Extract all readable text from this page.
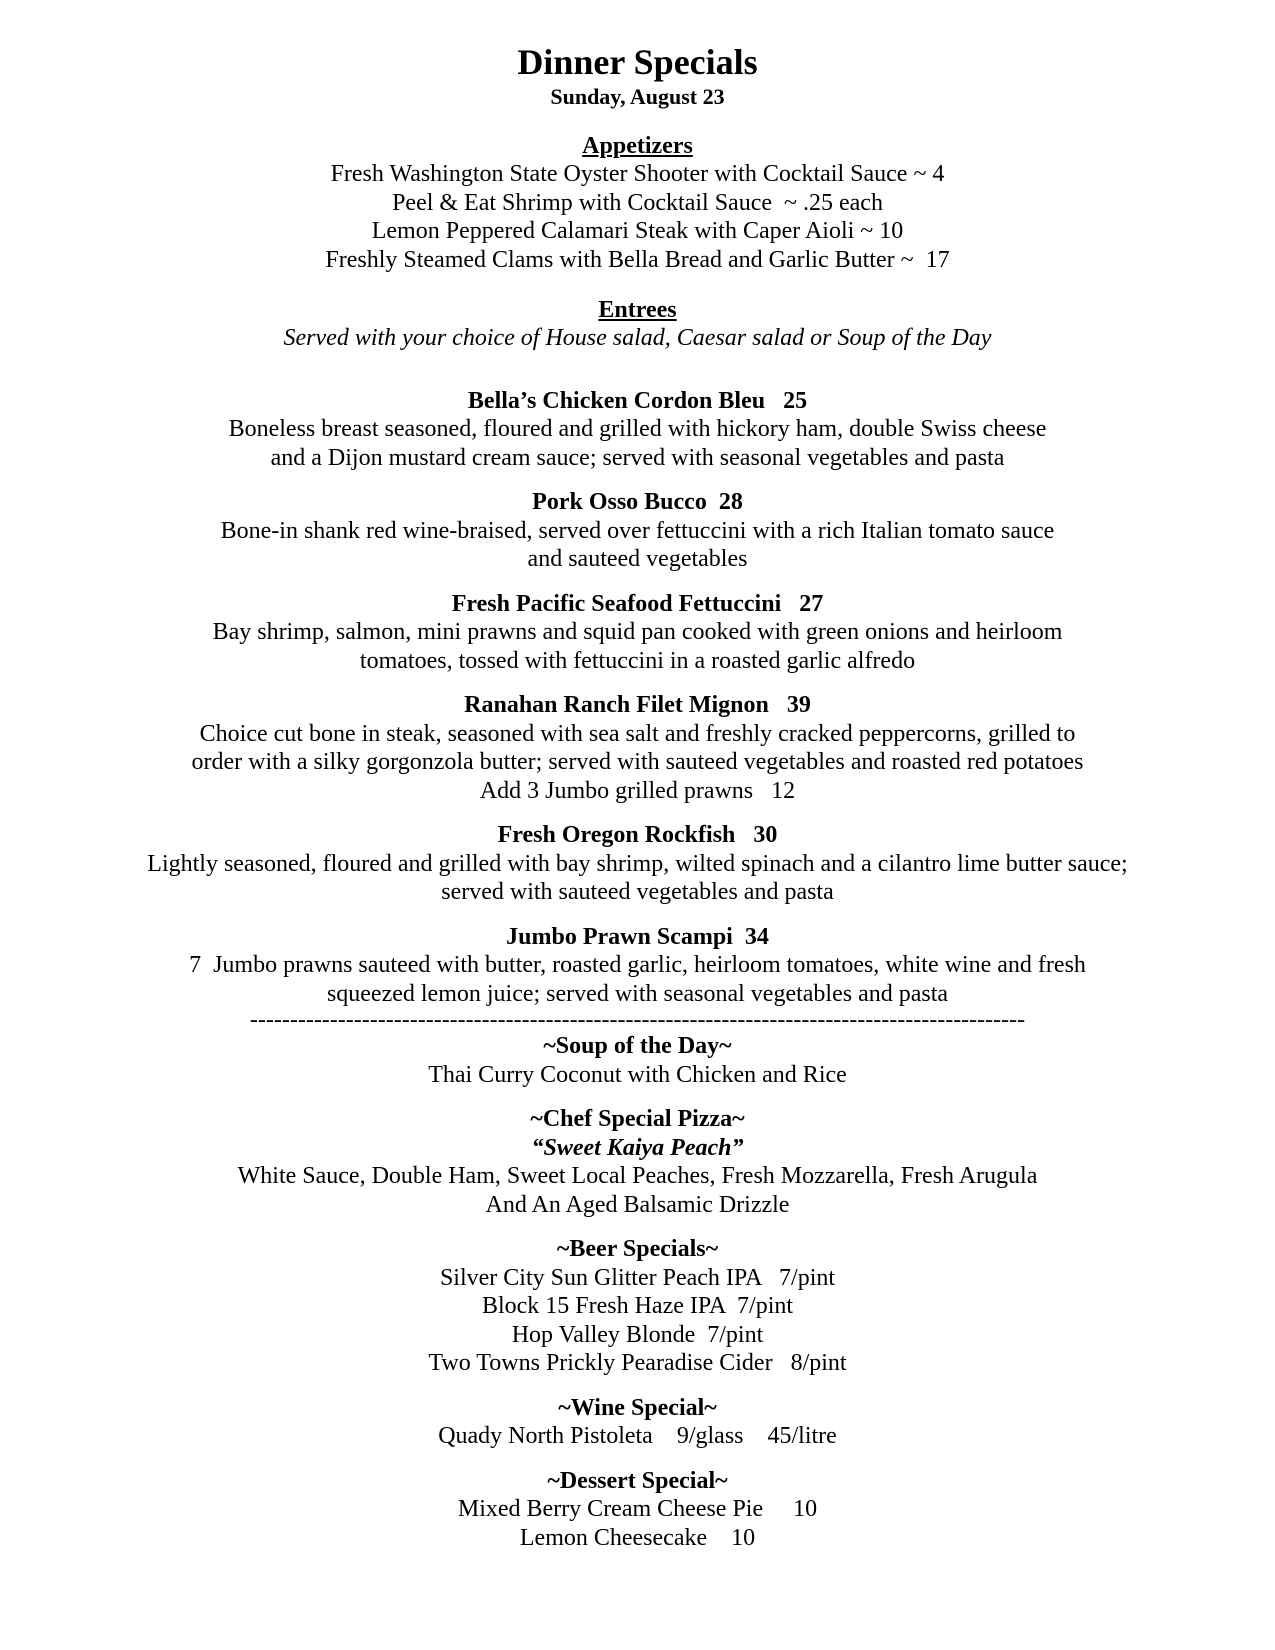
Dinner Specials

Sunday, August 23

Appetizers

Fresh Washington State Oyster Shooter with Cocktail Sauce ~ 4

Peel & Eat Shrimp with Cocktail Sauce  ~ .25 each

Lemon Peppered Calamari Steak with Caper Aioli ~ 10

Freshly Steamed Clams with Bella Bread and Garlic Butter ~  17

Entrees

Served with your choice of House salad, Caesar salad or Soup of the Day

Bella’s Chicken Cordon Bleu   25

Boneless breast seasoned, floured and grilled with hickory ham, double Swiss cheese

and a Dijon mustard cream sauce; served with seasonal vegetables and pasta

Pork Osso Bucco  28

Bone-in shank red wine-braised, served over fettuccini with a rich Italian tomato sauce

and sauteed vegetables

Fresh Pacific Seafood Fettuccini   27

Bay shrimp, salmon, mini prawns and squid pan cooked with green onions and heirloom

tomatoes, tossed with fettuccini in a roasted garlic alfredo

Ranahan Ranch Filet Mignon   39

Choice cut bone in steak, seasoned with sea salt and freshly cracked peppercorns, grilled to

order with a silky gorgonzola butter; served with sauteed vegetables and roasted red potatoes

Add 3 Jumbo grilled prawns   12

Fresh Oregon Rockfish   30

Lightly seasoned, floured and grilled with bay shrimp, wilted spinach and a cilantro lime butter sauce;

served with sauteed vegetables and pasta

Jumbo Prawn Scampi  34

7  Jumbo prawns sauteed with butter, roasted garlic, heirloom tomatoes, white wine and fresh

squeezed lemon juice; served with seasonal vegetables and pasta

-------------------------------------------------------------------------------------------------

~Soup of the Day~

Thai Curry Coconut with Chicken and Rice

~Chef Special Pizza~

“Sweet Kaiya Peach”

White Sauce, Double Ham, Sweet Local Peaches, Fresh Mozzarella, Fresh Arugula

And An Aged Balsamic Drizzle

~Beer Specials~

Silver City Sun Glitter Peach IPA   7/pint

Block 15 Fresh Haze IPA  7/pint

Hop Valley Blonde  7/pint

Two Towns Prickly Pearadise Cider   8/pint

~Wine Special~

Quady North Pistoleta    9/glass    45/litre

~Dessert Special~

Mixed Berry Cream Cheese Pie     10

Lemon Cheesecake    10
